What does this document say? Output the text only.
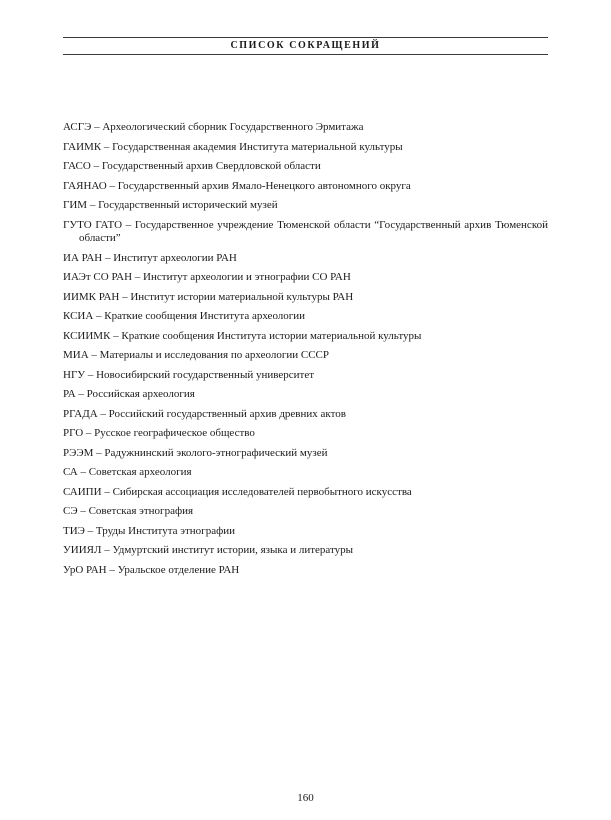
СПИСОК СОКРАЩЕНИЙ

АСГЭ – Археологический сборник Государственного Эрмитажа

ГАИМК – Государственная академия Института материальной культуры

ГАСО – Государственный архив Свердловской области

ГАЯНАО – Государственный архив Ямало-Ненецкого автономного округа

ГИМ – Государственный исторический музей

ГУТО ГАТО – Государственное учреждение Тюменской области “Государственный архив Тюменской области”

ИА РАН – Институт археологии РАН

ИАЭт СО РАН – Институт археологии и этнографии СО РАН

ИИМК РАН – Институт истории материальной культуры РАН

КСИА – Краткие сообщения Института археологии

КСИИМК – Краткие сообщения Института истории материальной культуры

МИА – Материалы и исследования по археологии СССР

НГУ – Новосибирский государственный университет

РА – Российская археология

РГАДА – Российский государственный архив древних актов

РГО – Русское географическое общество

РЭЭМ – Радужнинский эколого-этнографический музей

СА – Советская археология

САИПИ – Сибирская ассоциация исследователей первобытного искусства

СЭ – Советская этнография

ТИЭ – Труды Института этнографии

УИИЯЛ – Удмуртский институт истории, языка и литературы

УрО РАН – Уральское отделение РАН

160
